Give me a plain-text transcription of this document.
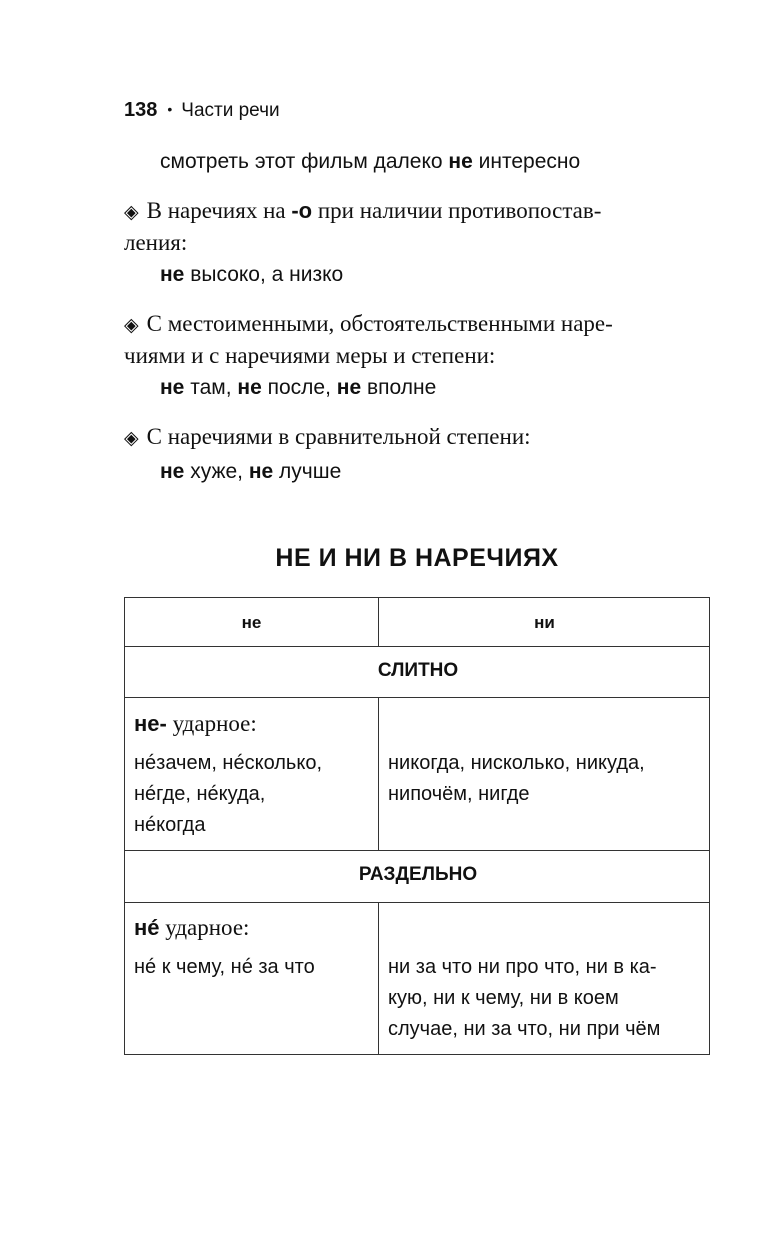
138 • Части речи
смотреть этот фильм далеко не интересно
◈ В наречиях на -о при наличии противопостав-
ления:
не высоко, а низко
◈ С местоименными, обстоятельственными наре-
чиями и с наречиями меры и степени:
не там, не после, не вполне
◈ С наречиями в сравнительной степени:
не хуже, не лучше
НЕ И НИ В НАРЕЧИЯХ
не	ни
СЛИТНО
не- ударное:
нéзачем, нéсколько,
нéгде, нéкуда,
нéкогда
никогда, нисколько, никуда,
нипочём, нигде
РАЗДЕЛЬНО
нé ударное:
нé к чему, нé за что	ни за что ни про что, ни в ка-
кую, ни к чему, ни в коем
случае, ни за что, ни при чём
